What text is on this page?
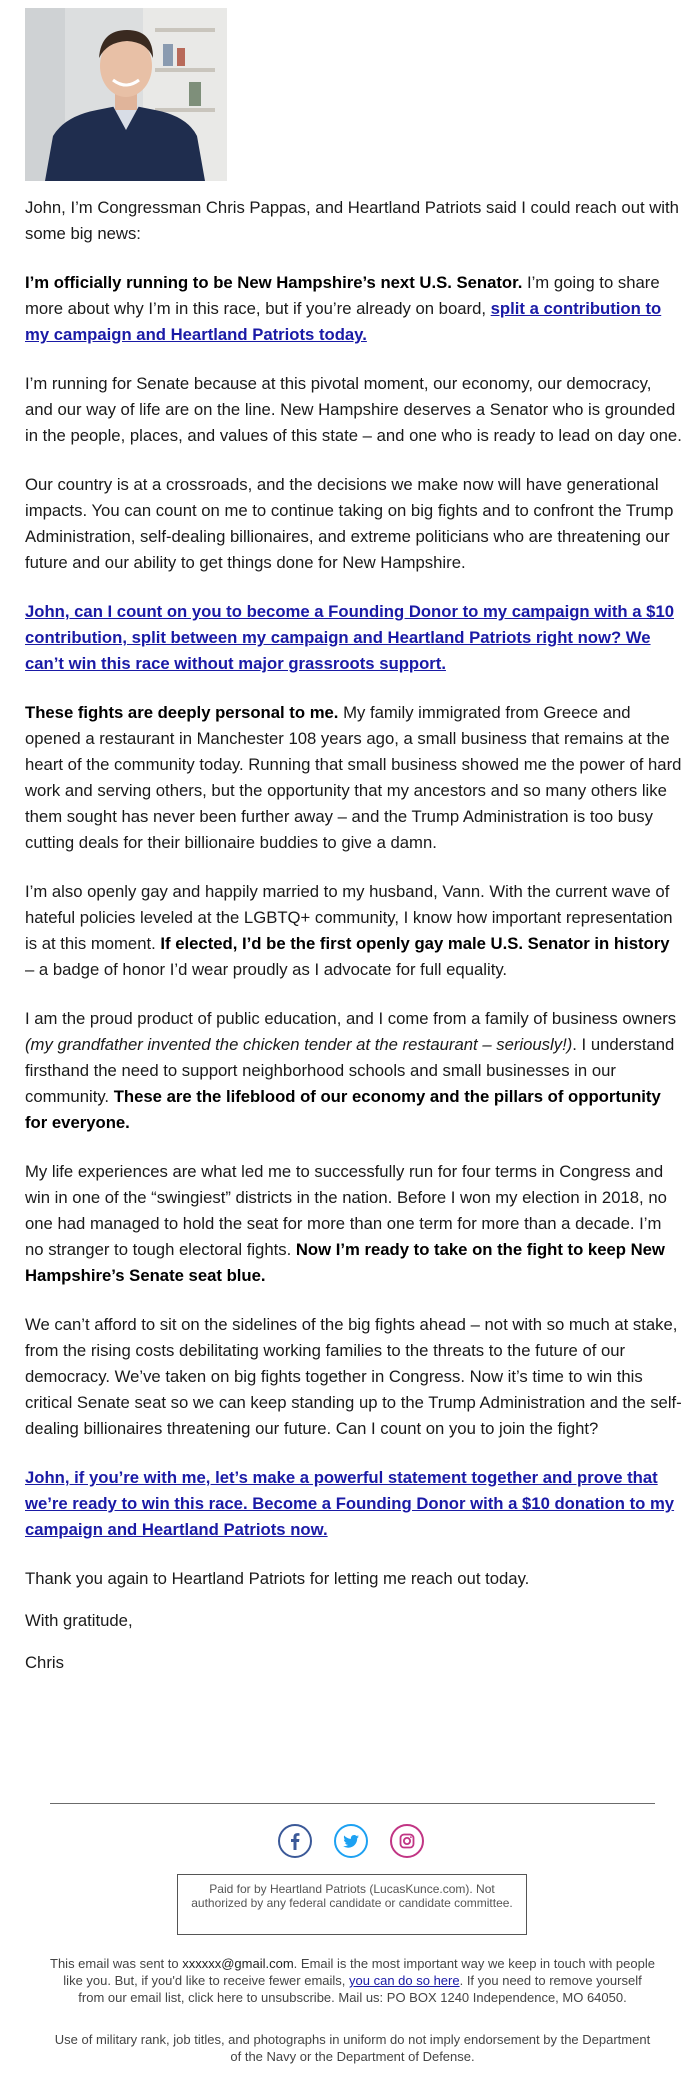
John, I’m Congressman Chris Pappas, and Heartland Patriots said I could reach out with some big news:

I’m officially running to be New Hampshire’s next U.S. Senator. I’m going to share more about why I’m in this race, but if you’re already on board, split a contribution to my campaign and Heartland Patriots today.

I’m running for Senate because at this pivotal moment, our economy, our democracy, and our way of life are on the line. New Hampshire deserves a Senator who is grounded in the people, places, and values of this state – and one who is ready to lead on day one.

Our country is at a crossroads, and the decisions we make now will have generational impacts. You can count on me to continue taking on big fights and to confront the Trump Administration, self-dealing billionaires, and extreme politicians who are threatening our future and our ability to get things done for New Hampshire.

John, can I count on you to become a Founding Donor to my campaign with a $10 contribution, split between my campaign and Heartland Patriots right now? We can’t win this race without major grassroots support.

These fights are deeply personal to me. My family immigrated from Greece and opened a restaurant in Manchester 108 years ago, a small business that remains at the heart of the community today. Running that small business showed me the power of hard work and serving others, but the opportunity that my ancestors and so many others like them sought has never been further away – and the Trump Administration is too busy cutting deals for their billionaire buddies to give a damn.

I’m also openly gay and happily married to my husband, Vann. With the current wave of hateful policies leveled at the LGBTQ+ community, I know how important representation is at this moment. If elected, I’d be the first openly gay male U.S. Senator in history – a badge of honor I’d wear proudly as I advocate for full equality.

I am the proud product of public education, and I come from a family of business owners (my grandfather invented the chicken tender at the restaurant – seriously!). I understand firsthand the need to support neighborhood schools and small businesses in our community. These are the lifeblood of our economy and the pillars of opportunity for everyone.

My life experiences are what led me to successfully run for four terms in Congress and win in one of the “swingiest” districts in the nation. Before I won my election in 2018, no one had managed to hold the seat for more than one term for more than a decade. I’m no stranger to tough electoral fights. Now I’m ready to take on the fight to keep New Hampshire’s Senate seat blue.

We can’t afford to sit on the sidelines of the big fights ahead – not with so much at stake, from the rising costs debilitating working families to the threats to the future of our democracy. We’ve taken on big fights together in Congress. Now it’s time to win this critical Senate seat so we can keep standing up to the Trump Administration and the self-dealing billionaires threatening our future. Can I count on you to join the fight?

John, if you’re with me, let’s make a powerful statement together and prove that we’re ready to win this race. Become a Founding Donor with a $10 donation to my campaign and Heartland Patriots now.

Thank you again to Heartland Patriots for letting me reach out today.

With gratitude,

Chris

Paid for by Heartland Patriots (LucasKunce.com). Not authorized by any federal candidate or candidate committee.
This email was sent to xxxxxx@gmail.com. Email is the most important way we keep in touch with people like you. But, if you'd like to receive fewer emails, you can do so here. If you need to remove yourself from our email list, click here to unsubscribe. Mail us: PO BOX 1240 Independence, MO 64050.
Use of military rank, job titles, and photographs in uniform do not imply endorsement by the Department of the Navy or the Department of Defense.
